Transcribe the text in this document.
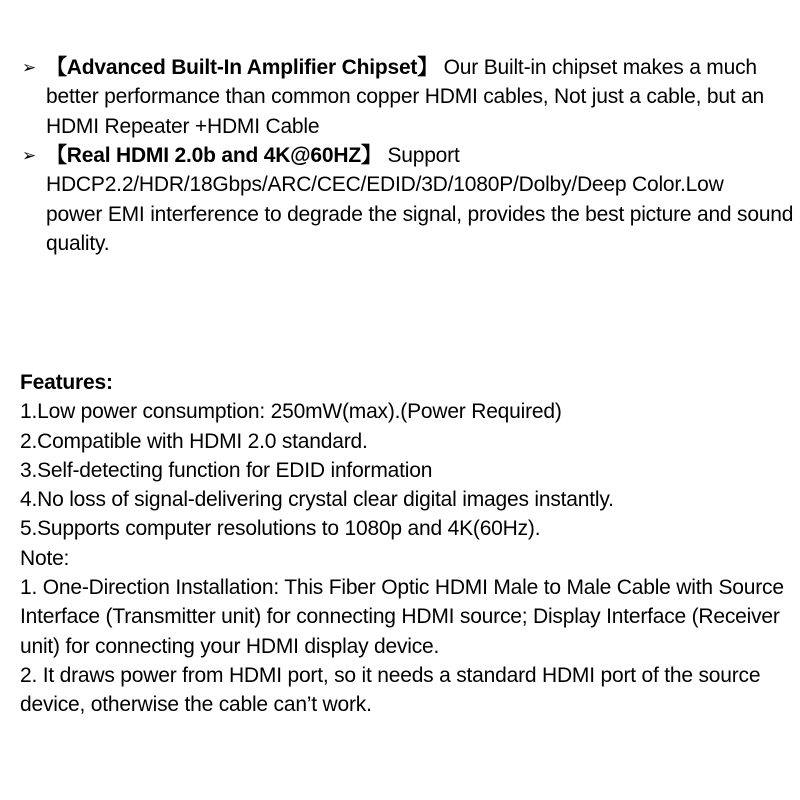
➢ 【Advanced Built-In Amplifier Chipset】 Our Built-in chipset makes a much
better performance than common copper HDMI cables, Not just a cable, but an
HDMI Repeater +HDMI Cable
➢ 【Real HDMI 2.0b and 4K@60HZ】 Support
HDCP2.2/HDR/18Gbps/ARC/CEC/EDID/3D/1080P/Dolby/Deep Color.Low
power EMI interference to degrade the signal, provides the best picture and sound
quality.
Features:
1.Low power consumption: 250mW(max).(Power Required)
2.Compatible with HDMI 2.0 standard.
3.Self-detecting function for EDID information
4.No loss of signal-delivering crystal clear digital images instantly.
5.Supports computer resolutions to 1080p and 4K(60Hz).
Note:
1. One-Direction Installation: This Fiber Optic HDMI Male to Male Cable with Source
Interface (Transmitter unit) for connecting HDMI source; Display Interface (Receiver
unit) for connecting your HDMI display device.
2. It draws power from HDMI port, so it needs a standard HDMI port of the source
device, otherwise the cable can’t work.
